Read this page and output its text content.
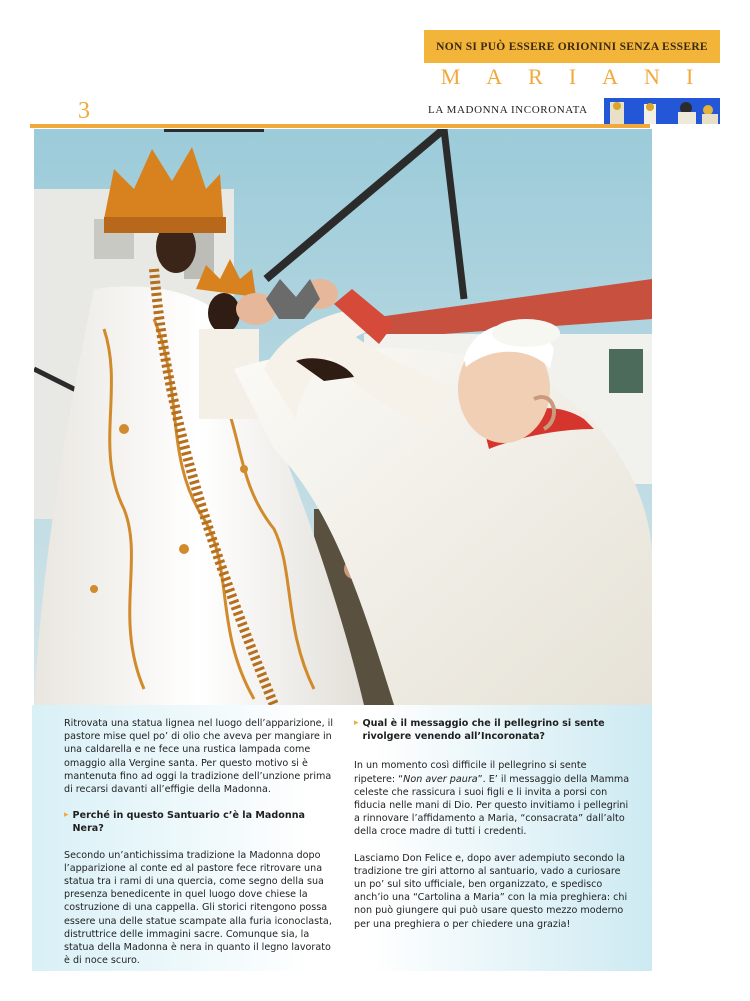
NON SI PUÒ ESSERE ORIONINI SENZA ESSERE
MARIANI
3	LA MADONNA INCORONATA

Ritrovata una statua lignea nel luogo dell’apparizione, il pastore mise quel po’ di olio che aveva per mangiare in una caldarella e ne fece una rustica lampada come omaggio alla Vergine santa. Per questo motivo si è mantenuta fino ad oggi la tradizione dell’unzione prima di recarsi davanti all’effigie della Madonna.

▸ Perché in questo Santuario c’è la Madonna Nera?

Secondo un’antichissima tradizione la Madonna dopo l’apparizione al conte ed al pastore fece ritrovare una statua tra i rami di una quercia, come segno della sua presenza benedicente in quel luogo dove chiese la costruzione di una cappella. Gli storici ritengono possa essere una delle statue scampate alla furia iconoclasta, distruttrice delle immagini sacre. Comunque sia, la statua della Madonna è nera in quanto il legno lavorato è di noce scuro.

▸ Qual è il messaggio che il pellegrino si sente rivolgere venendo all’Incoronata?

In un momento così difficile il pellegrino si sente ripetere: “Non aver paura”. E’ il messaggio della Mamma celeste che rassicura i suoi figli e li invita a porsi con fiducia nelle mani di Dio. Per questo invitiamo i pellegrini a rinnovare l’affidamento a Maria, “consacrata” dall’alto della croce madre di tutti i credenti.

Lasciamo Don Felice e, dopo aver adempiuto secondo la tradizione tre giri attorno al santuario, vado a curiosare un po’ sul sito ufficiale, ben organizzato, e spedisco anch’io una “Cartolina a Maria” con la mia preghiera: chi non può giungere qui può usare questo mezzo moderno per una preghiera o per chiedere una grazia!
